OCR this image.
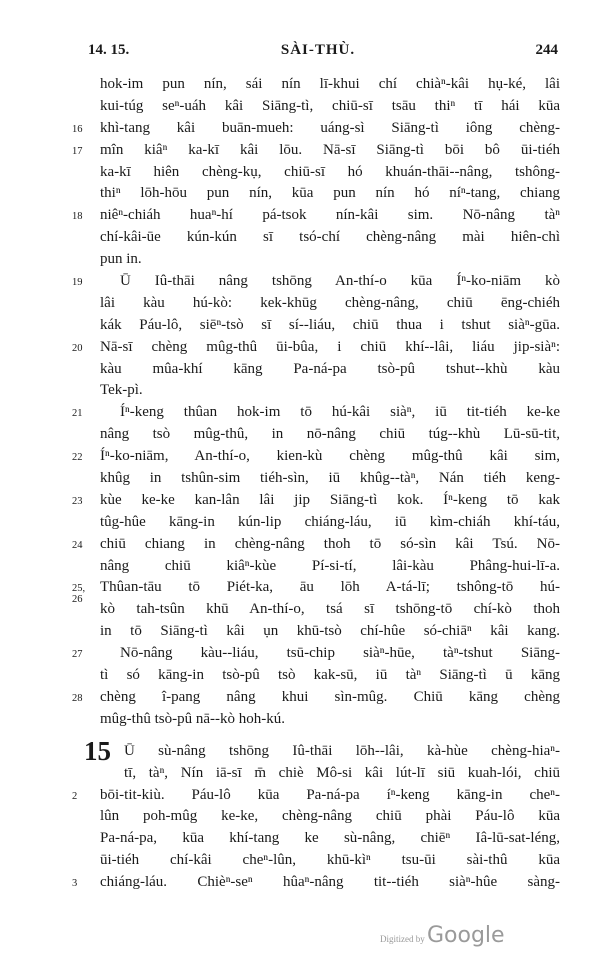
14. 15.	SÀI-THÙ.	244
hok-im pun nín, sái nín lī-khui chí chiàⁿ-kâi hụ-ké, lâi
kui-túg seⁿ-uáh kâi Siāng-tì, chiū-sī tsāu thiⁿ tī hái kūa
16	khì-tang kâi buān-mueh: uáng-sì Siāng-tì iông chèng-
17	mîn kiâⁿ ka-kī kâi lōu. Nā-sī Siāng-tì bōi bô ūi-tiéh
ka-kī hiên chèng-kụ, chiū-sī hó khuán-thāi--nâng, tshông-
thiⁿ lōh-hōu pun nín, kūa pun nín hó níⁿ-tang, chiang
18	niêⁿ-chiáh huaⁿ-hí pá-tsok nín-kâi sim. Nō-nâng tàⁿ
chí-kâi-ūe kún-kún sī tsó-chí chèng-nâng mài hiên-chì
pun in.
19	Ū Iû-thāi nâng tshōng An-thí-o kūa Íⁿ-ko-niām kò
lâi kàu hú-kò: kek-khūg chèng-nâng, chiū ēng-chiéh
kák Páu-lô, siēⁿ-tsò sī sí--liáu, chiū thua i tshut siàⁿ-gūa.
20	Nā-sī chèng mûg-thû ūi-bûa, i chiū khí--lâi, liáu jip-siàⁿ:
kàu mûa-khí kāng Pa-ná-pa tsò-pû tshut--khù kàu
Tek-pì.
21	Íⁿ-keng thûan hok-im tō hú-kâi siàⁿ, iū tit-tiéh ke-ke
nâng tsò mûg-thû, in nō-nâng chiū túg--khù Lū-sū-tit,
22	Íⁿ-ko-niām, An-thí-o, kien-kù chèng mûg-thû kâi sim,
khûg in tshûn-sim tiéh-sìn, iū khûg--tàⁿ, Nán tiéh keng-
23	kùe ke-ke kan-lân lâi jip Siāng-tì kok. Íⁿ-keng tō kak
tûg-hûe kāng-in kún-lip chiáng-láu, iū kìm-chiáh khí-táu,
24	chiū chiang in chèng-nâng thoh tō só-sìn kâi Tsú. Nō-
nâng chiū kiâⁿ-kùe Pí-si-tí, lâi-kàu Phâng-hui-lī-a.
25, 26
Thûan-tāu tō Piét-ka, āu lōh A-tá-lī; tshông-tō hú-
kò tah-tsûn khū An-thí-o, tsá sī tshōng-tō chí-kò thoh
in tō Siāng-tì kâi ụn khū-tsò chí-hûe só-chiāⁿ kâi kang.
27	Nō-nâng kàu--liáu, tsū-chip siàⁿ-hūe, tàⁿ-tshut Siāng-
tì só kāng-in tsò-pû tsò kak-sū, iū tàⁿ Siāng-tì ū kāng
28	chèng î-pang nâng khui sìn-mûg. Chiū kāng chèng
mûg-thû tsò-pû nā--kò hoh-kú.
Ū sù-nâng tshōng Iû-thāi lōh--lâi, kà-hùe chèng-hiaⁿ-
15
tī, tàⁿ, Nín iā-sī m̄ chiè Mô-si kâi lút-lī siū kuah-lói, chiū
2	bōi-tit-kiù. Páu-lô kūa Pa-ná-pa íⁿ-keng kāng-in cheⁿ-
lûn poh-mûg ke-ke, chèng-nâng chiū phài Páu-lô kūa
Pa-ná-pa, kūa khí-tang ke sù-nâng, chiēⁿ Iâ-lū-sat-léng,
ūi-tiéh chí-kâi cheⁿ-lûn, khū-kìⁿ tsu-ūi sài-thû kūa
3	chiáng-láu. Chièⁿ-seⁿ hûaⁿ-nâng tit--tiéh siàⁿ-hûe sàng-
Digitized by Google
